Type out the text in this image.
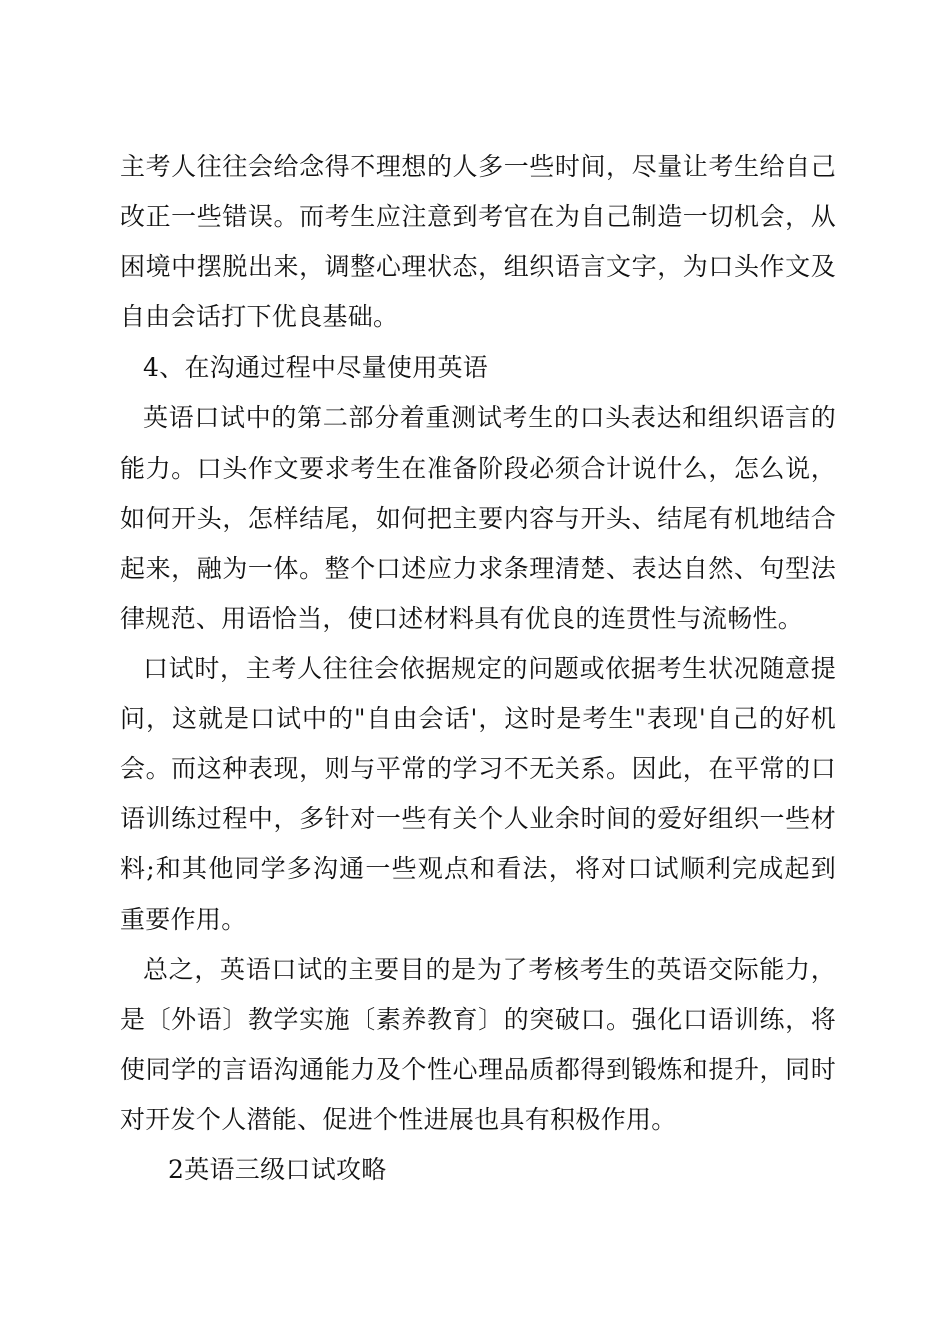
主考人往往会给念得不理想的人多一些时间，尽量让考生给自己
改正一些错误。而考生应注意到考官在为自己制造一切机会，从
困境中摆脱出来，调整心理状态，组织语言文字，为口头作文及
自由会话打下优良基础。
4、在沟通过程中尽量使用英语
英语口试中的第二部分着重测试考生的口头表达和组织语言的
能力。口头作文要求考生在准备阶段必须合计说什么，怎么说，
如何开头，怎样结尾，如何把主要内容与开头、结尾有机地结合
起来，融为一体。整个口述应力求条理清楚、表达自然、句型法
律规范、用语恰当，使口述材料具有优良的连贯性与流畅性。
口试时，主考人往往会依据规定的问题或依据考生状况随意提
问，这就是口试中的"自由会话'，这时是考生"表现'自己的好机
会。而这种表现，则与平常的学习不无关系。因此，在平常的口
语训练过程中，多针对一些有关个人业余时间的爱好组织一些材
料;和其他同学多沟通一些观点和看法，将对口试顺利完成起到
重要作用。
总之，英语口试的主要目的是为了考核考生的英语交际能力，
是〔外语〕教学实施〔素养教育〕的突破口。强化口语训练，将
使同学的言语沟通能力及个性心理品质都得到锻炼和提升，同时
对开发个人潜能、促进个性进展也具有积极作用。
2英语三级口试攻略
